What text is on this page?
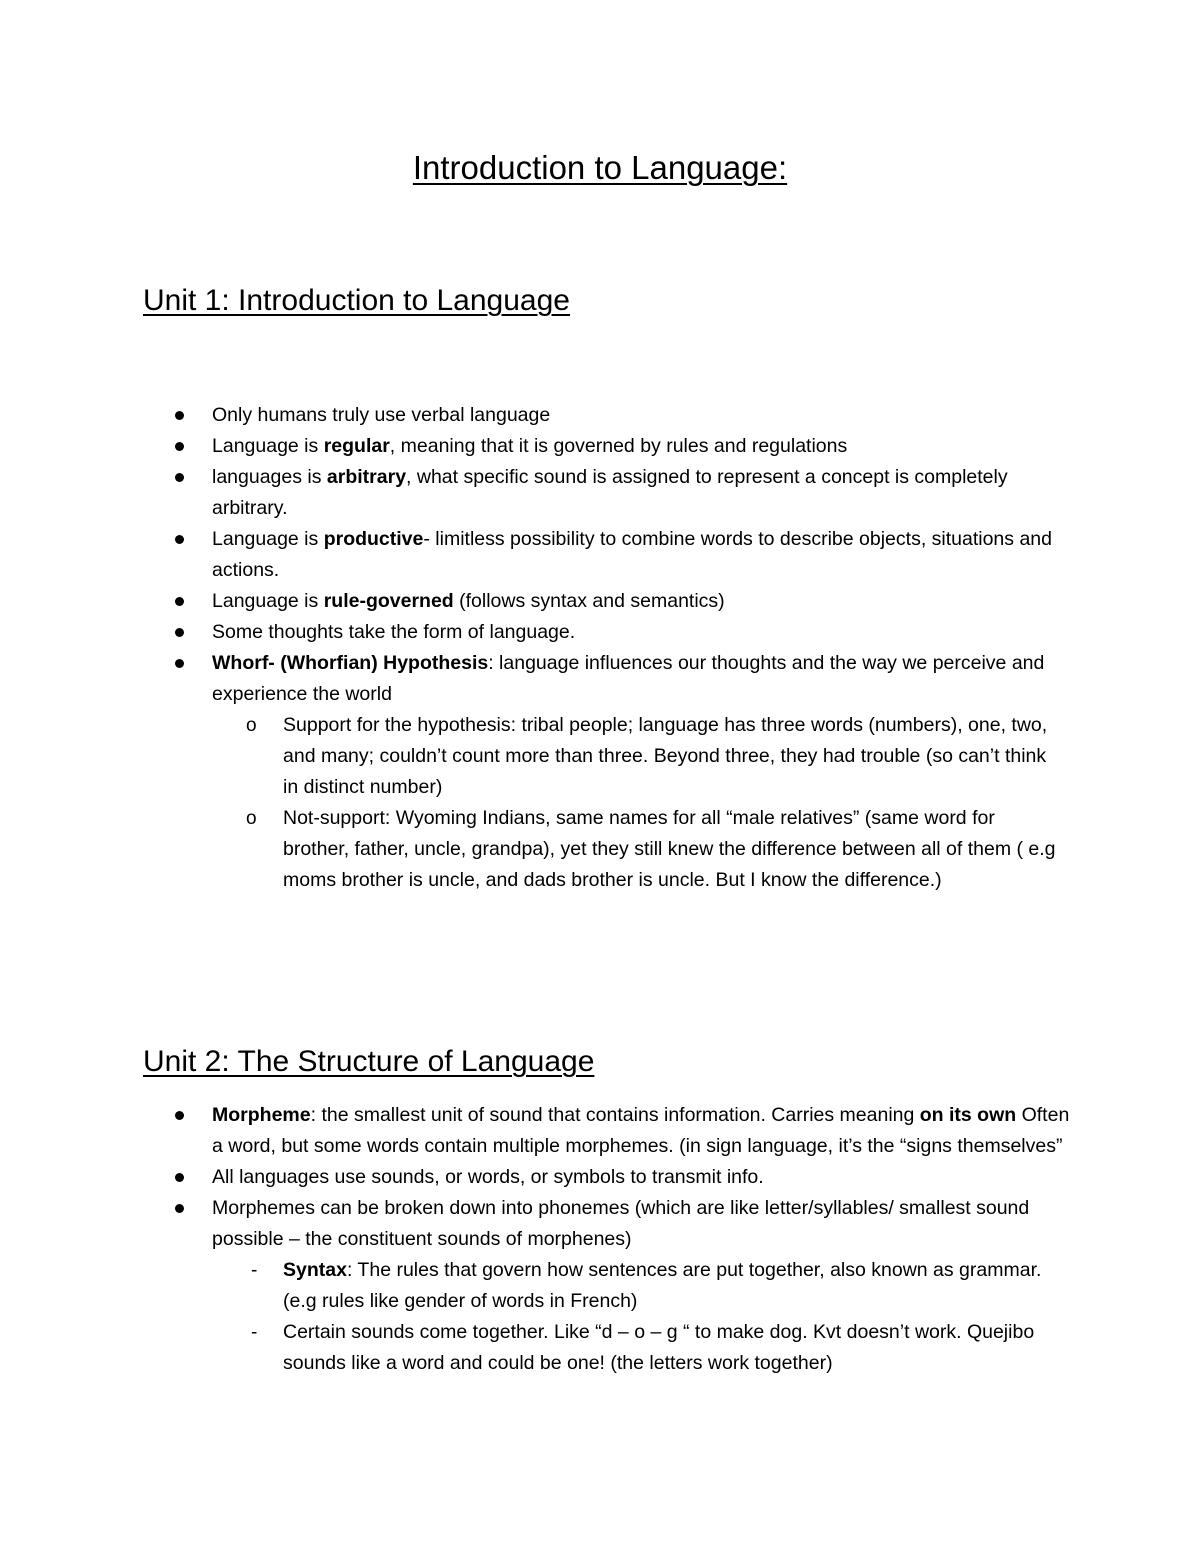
Introduction to Language:
Unit 1: Introduction to Language
Only humans truly use verbal language
Language is regular, meaning that it is governed by rules and regulations
languages is arbitrary, what specific sound is assigned to represent a concept is completely arbitrary.
Language is productive- limitless possibility to combine words to describe objects, situations and actions.
Language is rule-governed (follows syntax and semantics)
Some thoughts take the form of language.
Whorf- (Whorfian) Hypothesis: language influences our thoughts and the way we perceive and experience the world
o Support for the hypothesis: tribal people; language has three words (numbers), one, two, and many; couldn’t count more than three. Beyond three, they had trouble (so can’t think in distinct number)
o Not-support: Wyoming Indians, same names for all “male relatives” (same word for brother, father, uncle, grandpa), yet they still knew the difference between all of them ( e.g moms brother is uncle, and dads brother is uncle. But I know the difference.)
Unit 2: The Structure of Language
Morpheme: the smallest unit of sound that contains information. Carries meaning on its own Often a word, but some words contain multiple morphemes. (in sign language, it’s the “signs themselves”
All languages use sounds, or words, or symbols to transmit info.
Morphemes can be broken down into phonemes (which are like letter/syllables/ smallest sound possible – the constituent sounds of morphenes)
- Syntax: The rules that govern how sentences are put together, also known as grammar. (e.g rules like gender of words in French)
- Certain sounds come together. Like “d – o – g “ to make dog. Kvt doesn’t work. Quejibo sounds like a word and could be one! (the letters work together)
